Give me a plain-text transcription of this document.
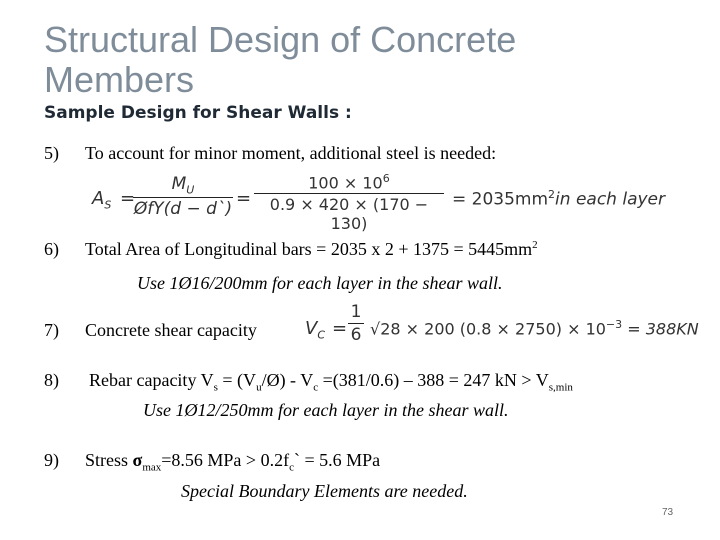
Structural Design of Concrete Members
Sample Design for Shear Walls :
5) To account for minor moment, additional steel is needed:
$A_S$ =
$M_U$
ØfY(d − d`)
=
$100 \times 10^6$
0.9 × 420 × (170 − 130)
= $2035mm^2in$ each layer
6) Total Area of Longitudinal bars = 2035 x $2 + 1375 = 5445mm^2$
Use 1Ø16/200mm for each layer in the shear wall.
7) Concrete shear capacity	$V_C$ =
1
6 √28 × 200 $(0.8 \times 2750) \times 10^{-3} = 388KN$
8) Rebar capacity $V_s$ = $(V_u/Ø) - V_c =(381/0.6) - 388 = 247$ kN > $V_{s,min}$
Use 1Ø12/250mm for each layer in the shear wall.
9) Stress $\sigma_{max}=8.56$ MPa > $0.2f_c` = 5.6$ MPa
Special Boundary Elements are needed.
73
